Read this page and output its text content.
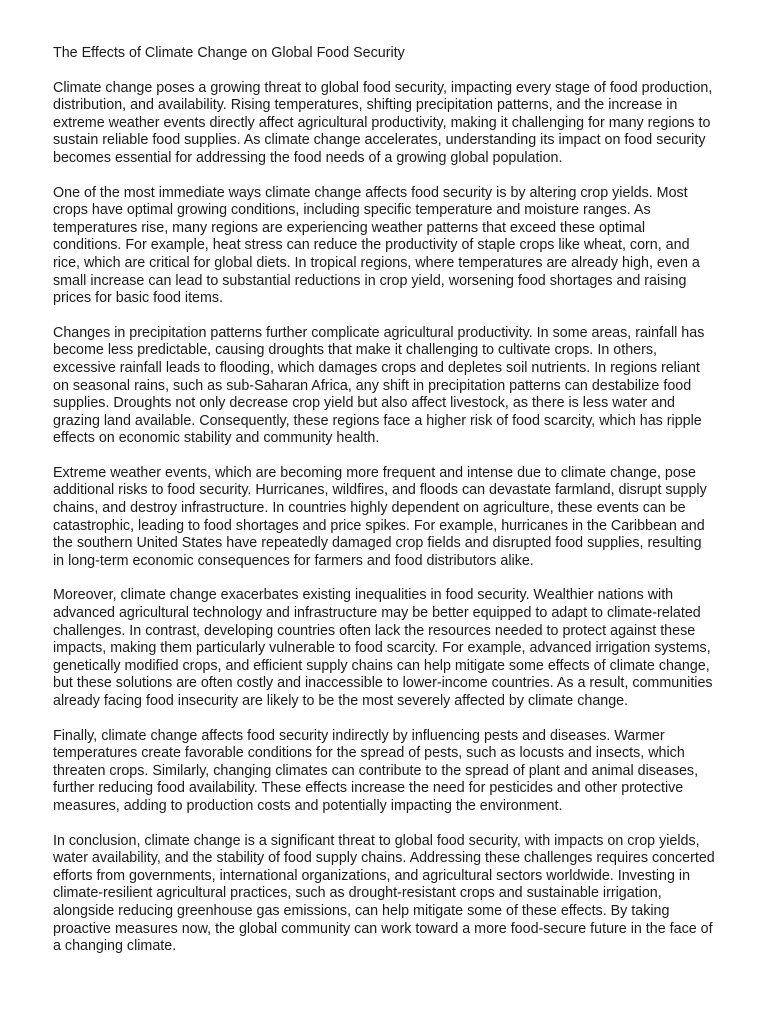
The Effects of Climate Change on Global Food Security

Climate change poses a growing threat to global food security, impacting every stage of food production, distribution, and availability. Rising temperatures, shifting precipitation patterns, and the increase in extreme weather events directly affect agricultural productivity, making it challenging for many regions to sustain reliable food supplies. As climate change accelerates, understanding its impact on food security becomes essential for addressing the food needs of a growing global population.

One of the most immediate ways climate change affects food security is by altering crop yields. Most crops have optimal growing conditions, including specific temperature and moisture ranges. As temperatures rise, many regions are experiencing weather patterns that exceed these optimal conditions. For example, heat stress can reduce the productivity of staple crops like wheat, corn, and rice, which are critical for global diets. In tropical regions, where temperatures are already high, even a small increase can lead to substantial reductions in crop yield, worsening food shortages and raising prices for basic food items.

Changes in precipitation patterns further complicate agricultural productivity. In some areas, rainfall has become less predictable, causing droughts that make it challenging to cultivate crops. In others, excessive rainfall leads to flooding, which damages crops and depletes soil nutrients. In regions reliant on seasonal rains, such as sub-Saharan Africa, any shift in precipitation patterns can destabilize food supplies. Droughts not only decrease crop yield but also affect livestock, as there is less water and grazing land available. Consequently, these regions face a higher risk of food scarcity, which has ripple effects on economic stability and community health.

Extreme weather events, which are becoming more frequent and intense due to climate change, pose additional risks to food security. Hurricanes, wildfires, and floods can devastate farmland, disrupt supply chains, and destroy infrastructure. In countries highly dependent on agriculture, these events can be catastrophic, leading to food shortages and price spikes. For example, hurricanes in the Caribbean and the southern United States have repeatedly damaged crop fields and disrupted food supplies, resulting in long-term economic consequences for farmers and food distributors alike.

Moreover, climate change exacerbates existing inequalities in food security. Wealthier nations with advanced agricultural technology and infrastructure may be better equipped to adapt to climate-related challenges. In contrast, developing countries often lack the resources needed to protect against these impacts, making them particularly vulnerable to food scarcity. For example, advanced irrigation systems, genetically modified crops, and efficient supply chains can help mitigate some effects of climate change, but these solutions are often costly and inaccessible to lower-income countries. As a result, communities already facing food insecurity are likely to be the most severely affected by climate change.

Finally, climate change affects food security indirectly by influencing pests and diseases. Warmer temperatures create favorable conditions for the spread of pests, such as locusts and insects, which threaten crops. Similarly, changing climates can contribute to the spread of plant and animal diseases, further reducing food availability. These effects increase the need for pesticides and other protective measures, adding to production costs and potentially impacting the environment.

In conclusion, climate change is a significant threat to global food security, with impacts on crop yields, water availability, and the stability of food supply chains. Addressing these challenges requires concerted efforts from governments, international organizations, and agricultural sectors worldwide. Investing in climate-resilient agricultural practices, such as drought-resistant crops and sustainable irrigation, alongside reducing greenhouse gas emissions, can help mitigate some of these effects. By taking proactive measures now, the global community can work toward a more food-secure future in the face of a changing climate.
